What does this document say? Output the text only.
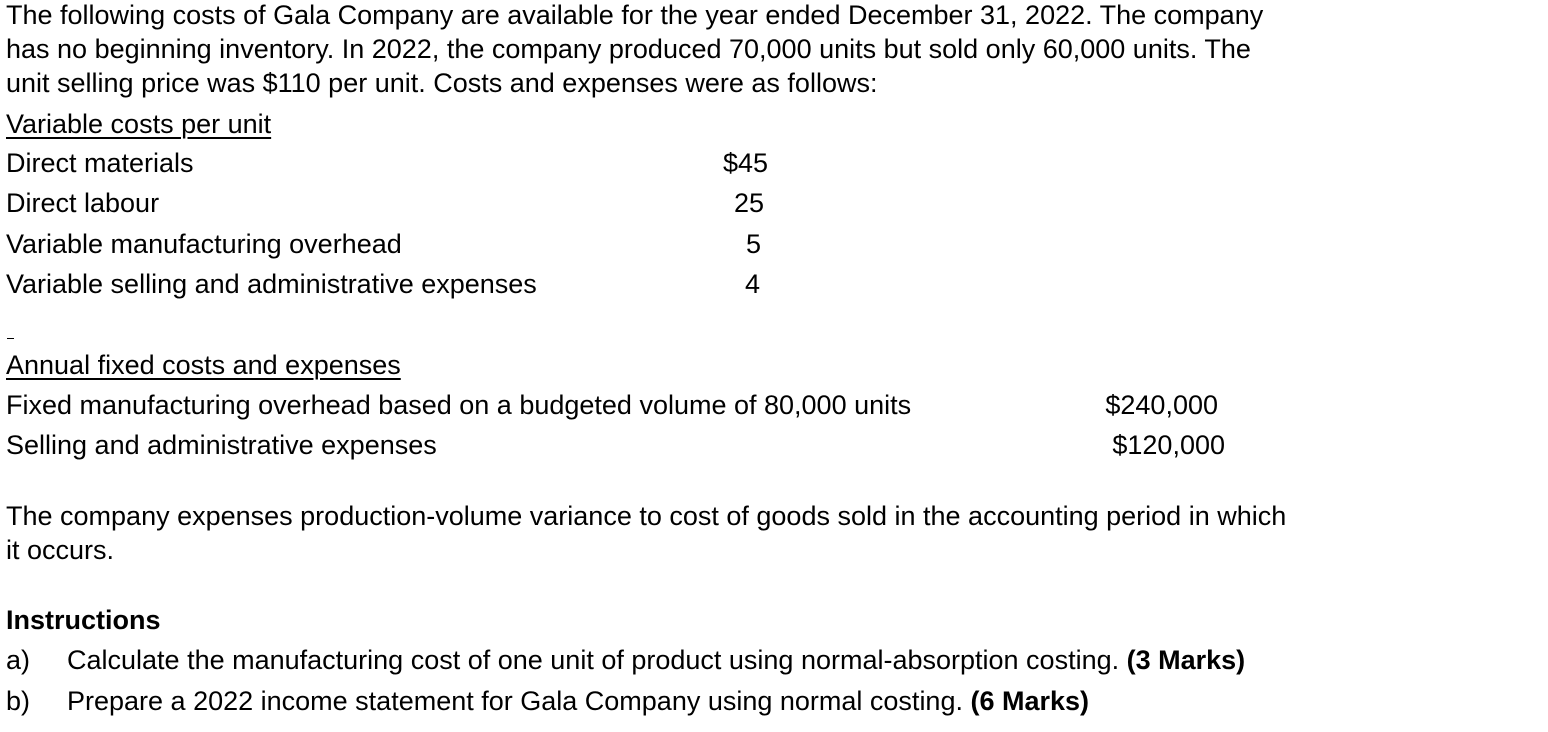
The following costs of Gala Company are available for the year ended December 31, 2022. The company
has no beginning inventory. In 2022, the company produced 70,000 units but sold only 60,000 units. The
unit selling price was $110 per unit. Costs and expenses were as follows:
Variable costs per unit
Direct materials	$45
Direct labour	25
Variable manufacturing overhead	5
Variable selling and administrative expenses	4
Annual fixed costs and expenses
Fixed manufacturing overhead based on a budgeted volume of 80,000 units	$240,000
Selling and administrative expenses	$120,000
The company expenses production-volume variance to cost of goods sold in the accounting period in which
it occurs.
Instructions
a) Calculate the manufacturing cost of one unit of product using normal-absorption costing. (3 Marks)
b) Prepare a 2022 income statement for Gala Company using normal costing. (6 Marks)
